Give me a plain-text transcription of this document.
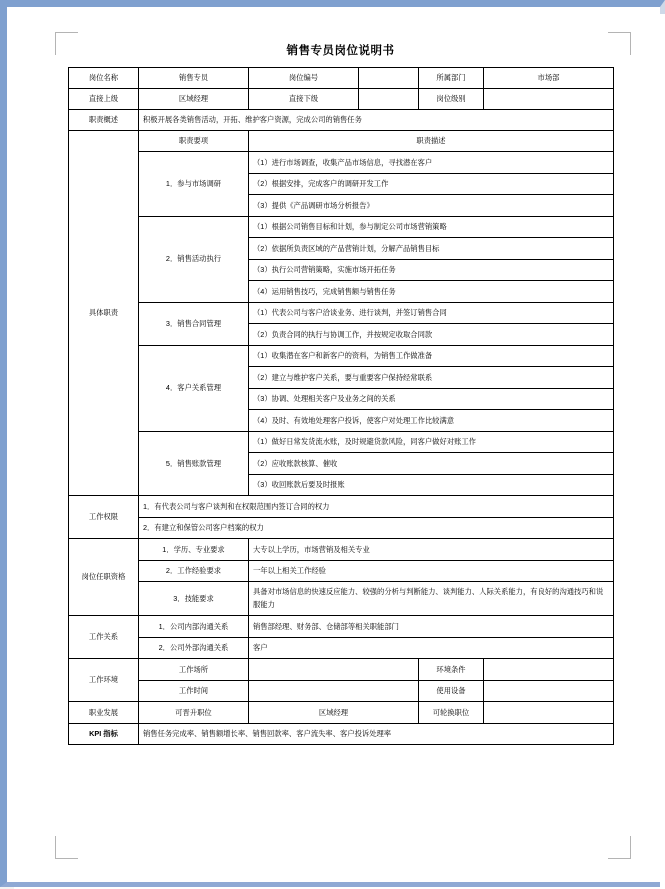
销售专员岗位说明书
岗位名称	销售专员	岗位编号		所属部门	市场部
直接上级	区域经理	直接下级		岗位级别	
职责概述	积极开展各类销售活动，开拓、维护客户资源，完成公司的销售任务				
具体职责	职责要项	职责描述			
	1．参与市场调研	（1）进行市场调查，收集产品市场信息，寻找潜在客户			
		（2）根据安排，完成客户的调研开发工作			
		（3）提供《产品调研市场分析报告》			
	2．销售活动执行	（1）根据公司销售目标和计划，参与制定公司市场营销策略			
		（2）依据所负责区域的产品营销计划，分解产品销售目标			
		（3）执行公司营销策略，实施市场开拓任务			
		（4）运用销售技巧，完成销售额与销售任务			
	3．销售合同管理	（1）代表公司与客户洽谈业务、进行谈判，并签订销售合同			
		（2）负责合同的执行与协调工作，并按规定收取合同款			
	4．客户关系管理	（1）收集潜在客户和新客户的资料，为销售工作做准备			
		（2）建立与维护客户关系，要与重要客户保持经常联系			
		（3）协调、处理相关客户及业务之间的关系			
		（4）及时、有效地处理客户投诉，使客户对处理工作比较满意			
	5．销售账款管理	（1）做好日常发货流水账，及时规避货款风险，同客户做好对账工作			
		（2）应收账款核算、催收			
		（3）收回账款后要及时报账			
工作权限	1．有代表公司与客户谈判和在权限范围内签订合同的权力				
	2．有建立和保管公司客户档案的权力				
岗位任职资格	1．学历、专业要求	大专以上学历，市场营销及相关专业			
	2．工作经验要求	一年以上相关工作经验			
	3．技能要求	具备对市场信息的快速反应能力、较强的分析与判断能力、谈判能力、人际关系能力，有良好的沟通技巧和说服能力			
工作关系	1．公司内部沟通关系	销售部经理、财务部、仓储部等相关职能部门			
	2．公司外部沟通关系	客户			
工作环境	工作场所			环境条件	
	工作时间			使用设备	
职业发展	可晋升职位	区域经理		可轮换职位	
KPI 指标	销售任务完成率、销售额增长率、销售回款率、客户流失率、客户投诉处理率				
